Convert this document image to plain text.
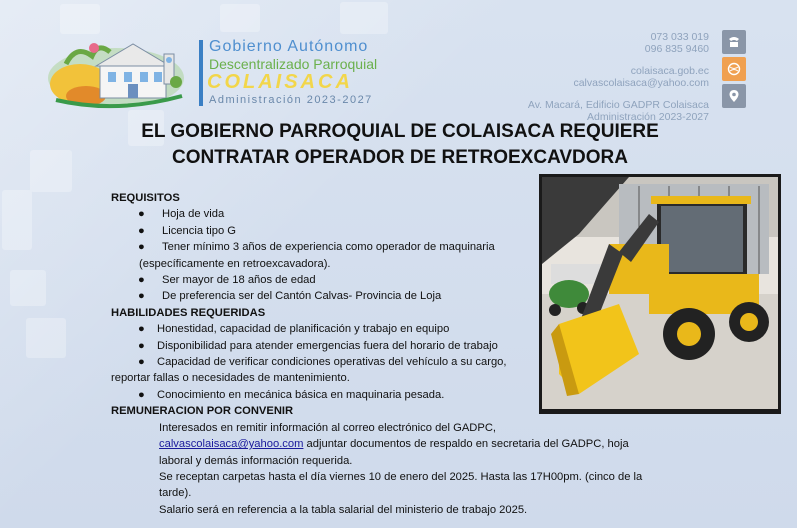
Gobierno Autónomo
Descentralizado Parroquial
COLAISACA
Administración 2023-2027
073 033 019
096 835 9460
colaisaca.gob.ec
calvascolaisaca@yahoo.com
Av. Macará, Edificio GADPR Colaisaca
Administración 2023-2027
EL GOBIERNO PARROQUIAL DE COLAISACA REQUIERE
CONTRATAR OPERADOR DE RETROEXCAVDORA
REQUISITOS
● Hoja de vida
● Licencia tipo G
● Tener mínimo 3 años de experiencia como operador de maquinaria
(específicamente en retroexcavadora).
● Ser mayor de 18 años de edad
● De preferencia ser del Cantón Calvas- Provincia de Loja
HABILIDADES REQUERIDAS
● Honestidad, capacidad de planificación y trabajo en equipo
● Disponibilidad para atender emergencias fuera del horario de trabajo
● Capacidad de verificar condiciones operativas del vehículo a su cargo,
reportar fallas o necesidades de mantenimiento.
● Conocimiento en mecánica básica en maquinaria pesada.
REMUNERACION POR CONVENIR
Interesados en remitir información al correo electrónico del GADPC,
calvascolaisaca@yahoo.com adjuntar documentos de respaldo en secretaria del GADPC, hoja
laboral y demás información requerida.
Se receptan carpetas hasta el día viernes 10 de enero del 2025. Hasta las 17H00pm. (cinco de la
tarde).
Salario será en referencia a la tabla salarial del ministerio de trabajo 2025.
